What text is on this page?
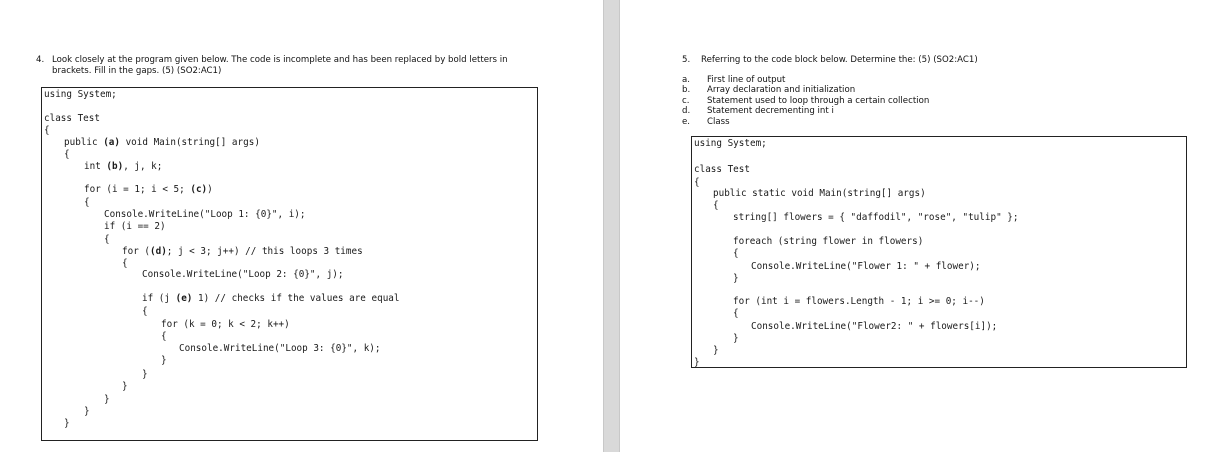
4. Look closely at the program given below. The code is incomplete and has been replaced by bold letters in
brackets. Fill in the gaps. (5) (SO2:AC1)
using System;
class Test
{
public (a) void Main(string[] args)
{
int (b), j, k;
for (i = 1; i < 5; (c))
{
Console.WriteLine("Loop 1: {0}", i);
if (i == 2)
{
for ((d); j < 3; j++) // this loops 3 times
{
Console.WriteLine("Loop 2: {0}", j);
if (j (e) 1) // checks if the values are equal
{
for (k = 0; k < 2; k++)
{
Console.WriteLine("Loop 3: {0}", k);
}
}
}
}
}
}
5. Referring to the code block below. Determine the: (5) (SO2:AC1)
a. First line of output
b. Array declaration and initialization
c. Statement used to loop through a certain collection
d. Statement decrementing int i
e. Class
using System;
class Test
{
public static void Main(string[] args)
{
string[] flowers = { "daffodil", "rose", "tulip" };
foreach (string flower in flowers)
{
Console.WriteLine("Flower 1: " + flower);
}
for (int i = flowers.Length - 1; i >= 0; i--)
{
Console.WriteLine("Flower2: " + flowers[i]);
}
}
}
